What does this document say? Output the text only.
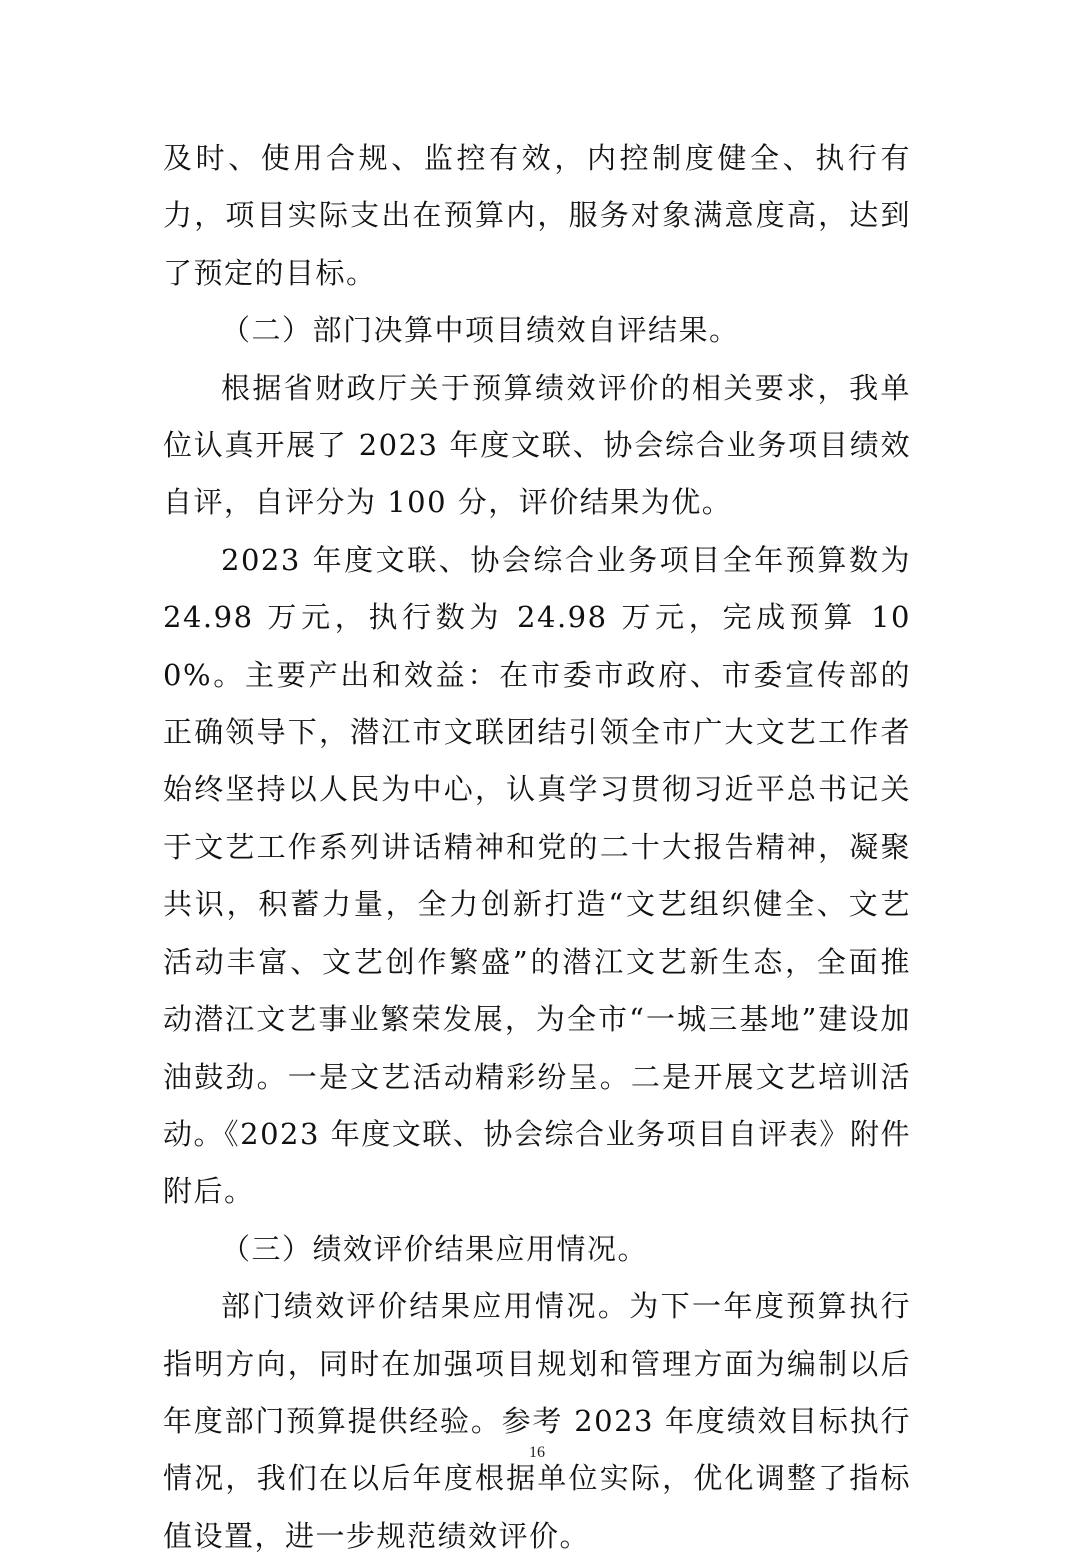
及时、使用合规、监控有效，内控制度健全、执行有力，项目实际支出在预算内，服务对象满意度高，达到了预定的目标。

（二）部门决算中项目绩效自评结果。

根据省财政厅关于预算绩效评价的相关要求，我单位认真开展了 2023 年度文联、协会综合业务项目绩效自评，自评分为 100 分，评价结果为优。

2023 年度文联、协会综合业务项目全年预算数为 24.98 万元，执行数为 24.98 万元，完成预算 100%。主要产出和效益：在市委市政府、市委宣传部的正确领导下，潜江市文联团结引领全市广大文艺工作者始终坚持以人民为中心，认真学习贯彻习近平总书记关于文艺工作系列讲话精神和党的二十大报告精神，凝聚共识，积蓄力量，全力创新打造“文艺组织健全、文艺活动丰富、文艺创作繁盛”的潜江文艺新生态，全面推动潜江文艺事业繁荣发展，为全市“一城三基地”建设加油鼓劲。一是文艺活动精彩纷呈。二是开展文艺培训活动。《2023 年度文联、协会综合业务项目自评表》附件附后。

（三）绩效评价结果应用情况。

部门绩效评价结果应用情况。为下一年度预算执行指明方向，同时在加强项目规划和管理方面为编制以后年度部门预算提供经验。参考 2023 年度绩效目标执行情况，我们在以后年度根据单位实际，优化调整了指标值设置，进一步规范绩效评价。

16
